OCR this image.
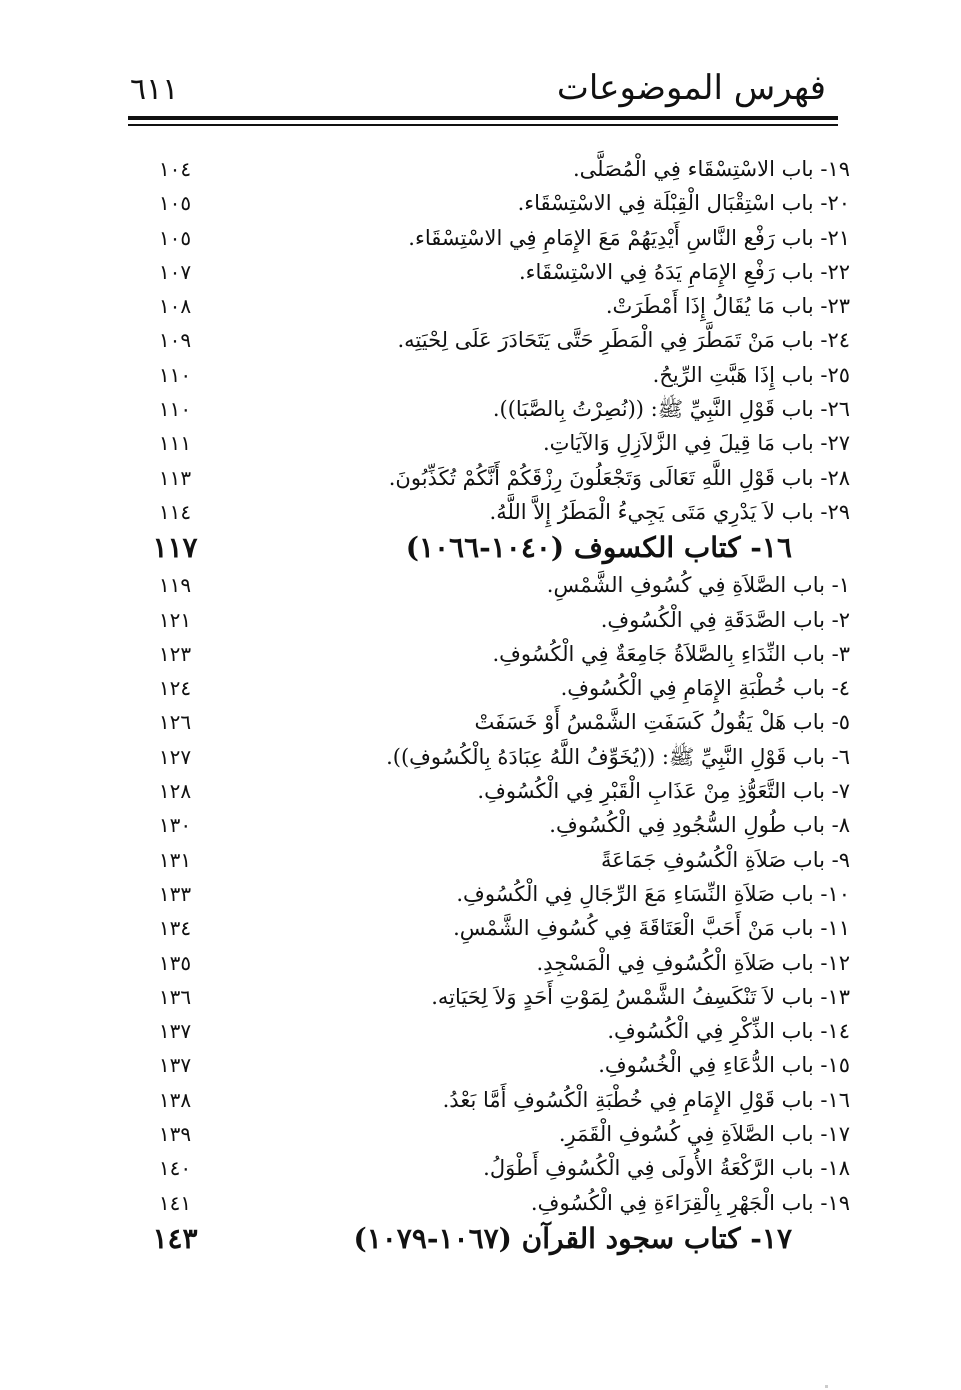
٦١١	فهرس الموضوعات
١٩- باب الاسْتِسْقَاء فِي الْمُصَلَّى.
١٠٤
٢٠- باب اسْتِقْبَال الْقِبْلَة فِي الاسْتِسْقَاء.
١٠٥
٢١- باب رَفْع النَّاسِ أَيْدِيَهُمْ مَعَ الإِمَامِ فِي الاسْتِسْقَاء.
١٠٥
٢٢- باب رَفْعِ الإِمَامِ يَدَهُ فِي الاسْتِسْقَاء.
١٠٧
٢٣- باب مَا يُقَالُ إِذَا أَمْطَرَتْ.
١٠٨
٢٤- باب مَنْ تَمَطَّرَ فِي الْمَطَرِ حَتَّى يَتَحَادَرَ عَلَى لِحْيَتِه.
١٠٩
٢٥- باب إِذَا هَبَّتِ الرِّيحُ.
١١٠
٢٦- باب قَوْلِ النَّبِيِّ ﷺ: ((نُصِرْتُ بِالصَّبَا)).
١١٠
٢٧- باب مَا قِيلَ فِي الزَّلاَزِلِ وَالآيَاتِ.
١١١
٢٨- باب قَوْلِ اللَّهِ تَعَالَى وَتَجْعَلُونَ رِزْقَكُمْ أَنَّكُمْ تُكَذِّبُونَ.
١١٣
٢٩- باب لاَ يَدْرِي مَتَى يَجِيءُ الْمَطَرُ إِلاَّ اللَّهُ.
١١٤
١٦- كتاب الكسوف (١٠٤٠-١٠٦٦)
١١٧
١- باب الصَّلاَةِ فِي كُسُوفِ الشَّمْسِ.
١١٩
٢- باب الصَّدَقَةِ فِي الْكُسُوفِ.
١٢١
٣- باب النِّدَاءِ بِالصَّلاَةُ جَامِعَةٌ فِي الْكُسُوفِ.
١٢٣
٤- باب خُطْبَةِ الإِمَامِ فِي الْكُسُوفِ.
١٢٤
٥- باب هَلْ يَقُولُ كَسَفَتِ الشَّمْسُ أَوْ خَسَفَتْ
١٢٦
٦- باب قَوْلِ النَّبِيِّ ﷺ: ((يُخَوِّفُ اللَّهُ عِبَادَهُ بِالْكُسُوفِ)).
١٢٧
٧- باب التَّعَوُّذِ مِنْ عَذَابِ الْقَبْرِ فِي الْكُسُوفِ.
١٢٨
٨- باب طُولِ السُّجُودِ فِي الْكُسُوفِ.
١٣٠
٩- باب صَلاَةِ الْكُسُوفِ جَمَاعَةً
١٣١
١٠- باب صَلاَةِ النِّسَاءِ مَعَ الرِّجَالِ فِي الْكُسُوفِ.
١٣٣
١١- باب مَنْ أَحَبَّ الْعَتَاقَةَ فِي كُسُوفِ الشَّمْسِ.
١٣٤
١٢- باب صَلاَةِ الْكُسُوفِ فِي الْمَسْجِدِ.
١٣٥
١٣- باب لاَ تَنْكَسِفُ الشَّمْسُ لِمَوْتِ أَحَدٍ وَلاَ لِحَيَاتِه.
١٣٦
١٤- باب الذِّكْرِ فِي الْكُسُوفِ.
١٣٧
١٥- باب الدُّعَاءِ فِي الْخُسُوفِ.
١٣٧
١٦- باب قَوْلِ الإِمَامِ فِي خُطْبَةِ الْكُسُوفِ أَمَّا بَعْدُ.
١٣٨
١٧- باب الصَّلاَةِ فِي كُسُوفِ الْقَمَرِ.
١٣٩
١٨- باب الرَّكْعَةُ الأُولَى فِي الْكُسُوفِ أَطْوَلُ.
١٤٠
١٩- باب الْجَهْرِ بِالْقِرَاءَةِ فِي الْكُسُوفِ.
١٤١
١٧- كتاب سجود القرآن (١٠٦٧-١٠٧٩)
١٤٣
